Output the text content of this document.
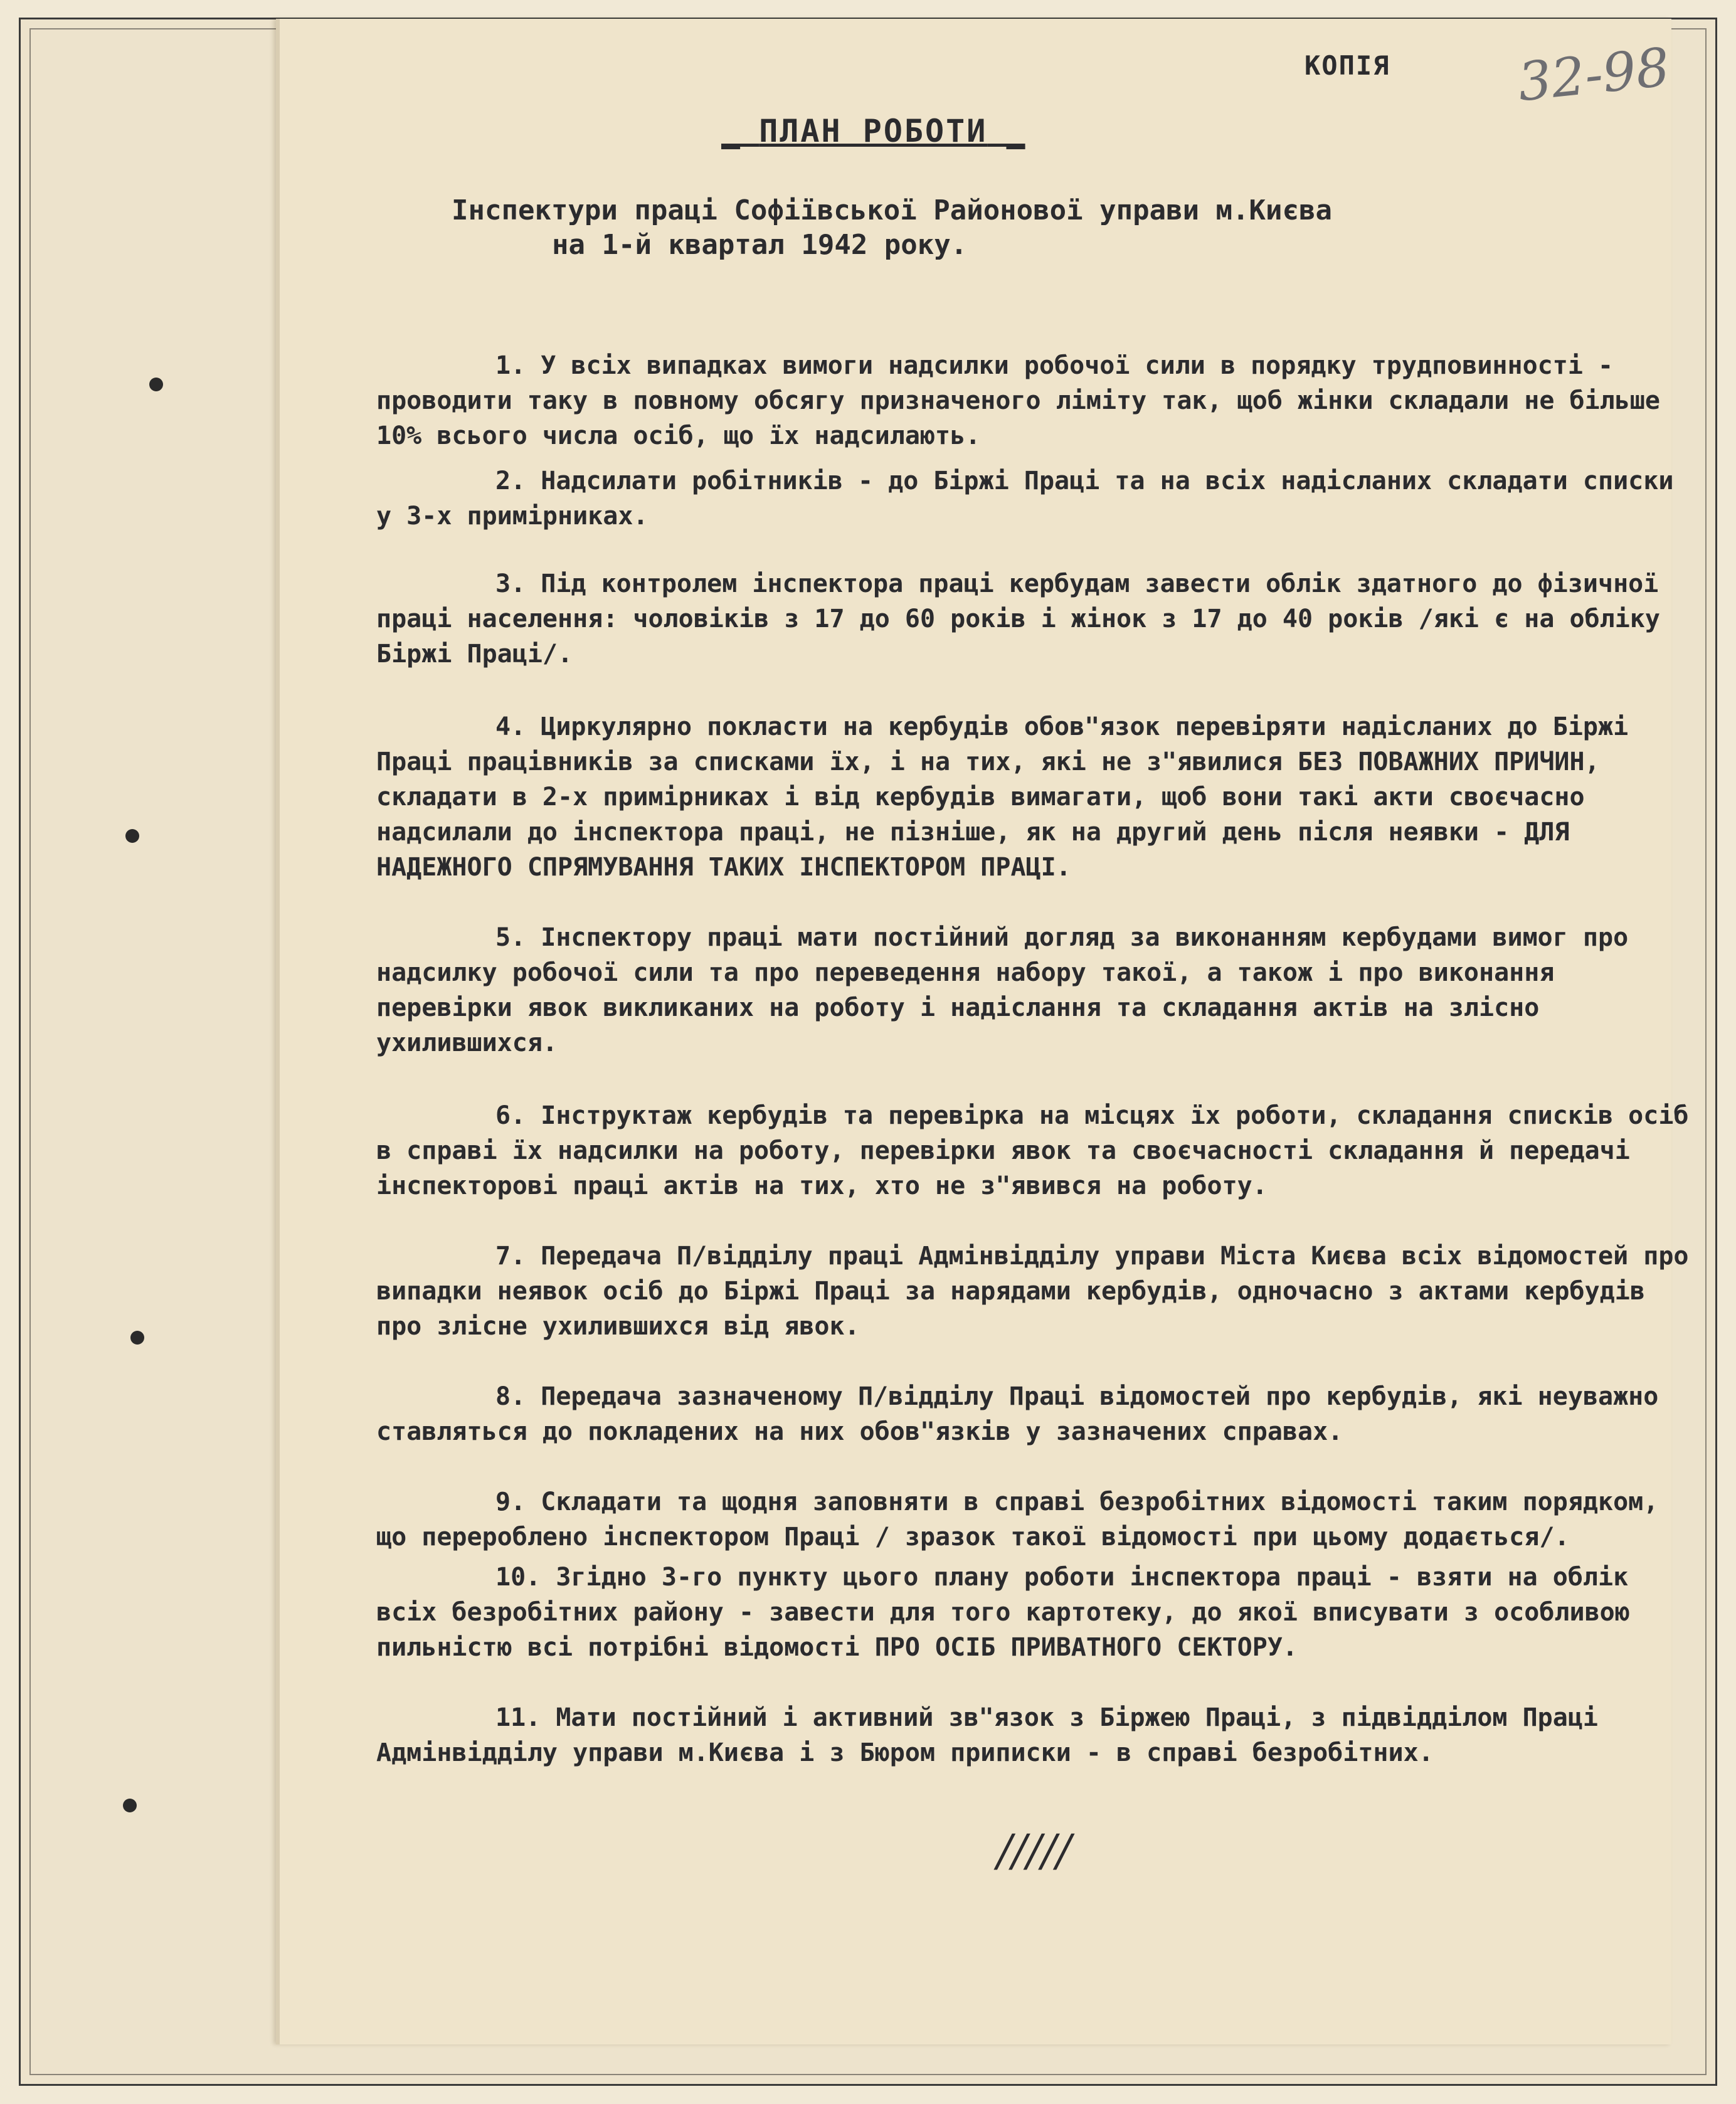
КОПІЯ 32-98
_ ПЛАН РОБОТИ _
Інспектури праці Софіївської Районової управи м.Києва
на 1-й квартал 1942 року.

1. У всіх випадках вимоги надсилки робочої сили в порядку трудповинності - проводити таку в повному обсягу призначеного ліміту так, щоб жінки складали не більше 10% всього числа осіб, що їх надсилають.

2. Надсилати робітників - до Біржі Праці та на всіх надісланих складати списки у 3-х примірниках.

3. Під контролем інспектора праці кербудам завести облік здатного до фізичної праці населення: чоловіків з 17 до 60 років і жінок з 17 до 40 років /які є на обліку Біржі Праці/.

4. Циркулярно покласти на кербудів обов"язок перевіряти надісланих до Біржі Праці працівників за списками їх, і на тих, які не з"явилися БЕЗ ПОВАЖНИХ ПРИЧИН, складати в 2-х примірниках і від кербудів вимагати, щоб вони такі акти своєчасно надсилали до інспектора праці, не пізніше, як на другий день після неявки - ДЛЯ НАДЕЖНОГО СПРЯМУВАННЯ ТАКИХ ІНСПЕКТОРОМ ПРАЦІ.

5. Інспектору праці мати постійний догляд за виконанням кербудами вимог про надсилку робочої сили та про переведення набору такої, а також і про виконання перевірки явок викликаних на роботу і надіслання та складання актів на злісно ухилившихся.

6. Інструктаж кербудів та перевірка на місцях їх роботи, складання списків осіб в справі їх надсилки на роботу, перевірки явок та своєчасності складання й передачі інспекторові праці актів на тих, хто не з"явився на роботу.

7. Передача П/відділу праці Адмінвідділу управи Міста Києва всіх відомостей про випадки неявок осіб до Біржі Праці за нарядами кербудів, одночасно з актами кербудів про злісне ухилившихся від явок.

8. Передача зазначеному П/відділу Праці відомостей про кербудів, які неуважно ставляться до покладених на них обов"язків у зазначених справах.

9. Складати та щодня заповняти в справі безробітних відомості таким порядком, що перероблено інспектором Праці / зразок такої відомості при цьому додається/.

10. Згідно 3-го пункту цього плану роботи інспектора праці - взяти на облік всіх безробітних району - завести для того картотеку, до якої вписувати з особливою пильністю всі потрібні відомості ПРО ОСІБ ПРИВАТНОГО СЕКТОРУ.

11. Мати постійний і активний зв"язок з Біржею Праці, з підвідділом Праці Адмінвідділу управи м.Києва і з Бюром приписки - в справі безробітних.

/////
